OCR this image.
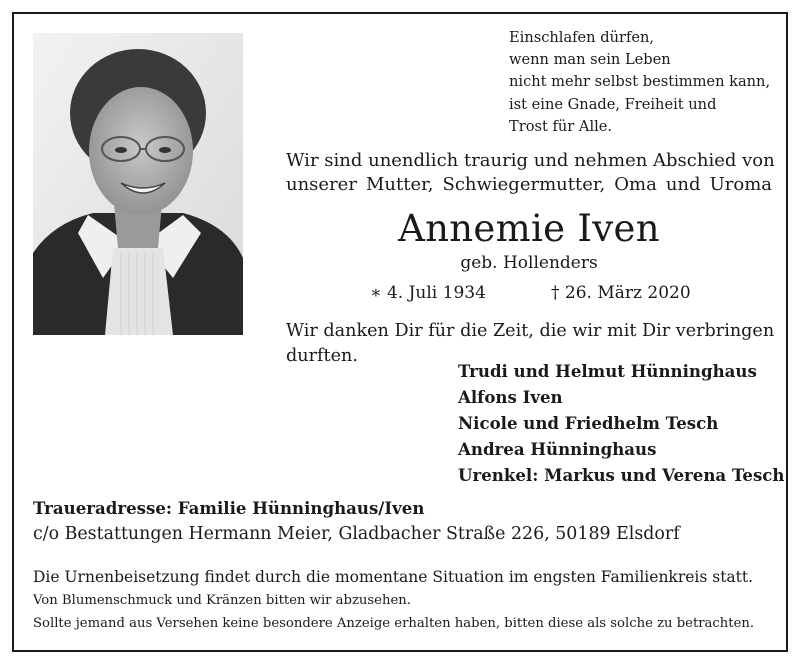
Einschlafen dürfen,
wenn man sein Leben
nicht mehr selbst bestimmen kann,
ist eine Gnade, Freiheit und
Trost für Alle.
Wir sind unendlich traurig und nehmen Abschied von
unserer Mutter, Schwiegermutter, Oma und Uroma
Annemie Iven
geb. Hollenders
∗ 4. Juli 1934	† 26. März 2020
Wir danken Dir für die Zeit, die wir mit Dir verbringen
durften.
Trudi und Helmut Hünninghaus
Alfons Iven
Nicole und Friedhelm Tesch
Andrea Hünninghaus
Urenkel: Markus und Verena Tesch
Traueradresse: Familie Hünninghaus/Iven
c/o Bestattungen Hermann Meier, Gladbacher Straße 226, 50189 Elsdorf
Die Urnenbeisetzung findet durch die momentane Situation im engsten Familienkreis statt.
Von Blumenschmuck und Kränzen bitten wir abzusehen.
Sollte jemand aus Versehen keine besondere Anzeige erhalten haben, bitten diese als solche zu betrachten.
